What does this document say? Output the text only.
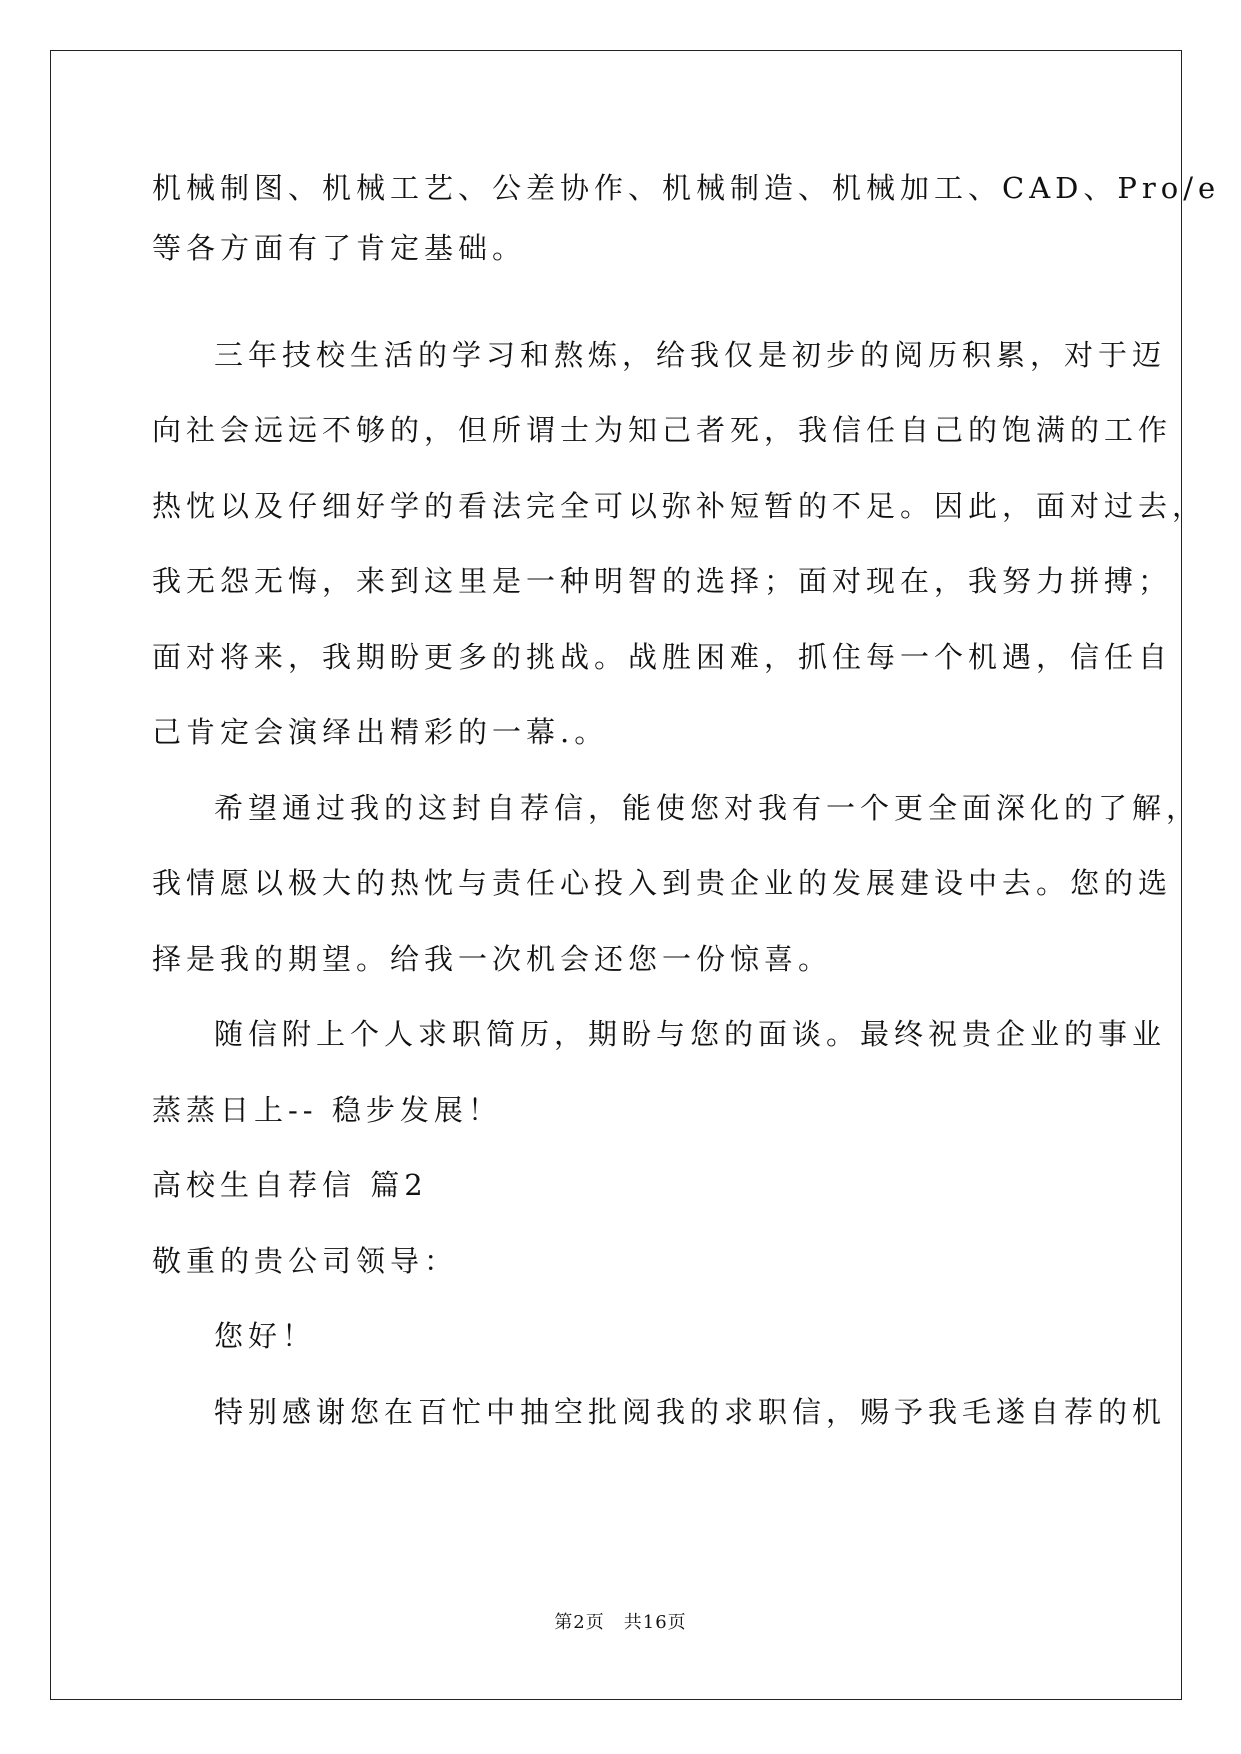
机械制图、机械工艺、公差协作、机械制造、机械加工、CAD、Pro/e
等各方面有了肯定基础。
三年技校生活的学习和熬炼，给我仅是初步的阅历积累，对于迈
向社会远远不够的，但所谓士为知己者死，我信任自己的饱满的工作
热忱以及仔细好学的看法完全可以弥补短暂的不足。因此，面对过去，
我无怨无悔，来到这里是一种明智的选择；面对现在，我努力拼搏；
面对将来，我期盼更多的挑战。战胜困难，抓住每一个机遇，信任自
己肯定会演绎出精彩的一幕.。
希望通过我的这封自荐信，能使您对我有一个更全面深化的了解，
我情愿以极大的热忱与责任心投入到贵企业的发展建设中去。您的选
择是我的期望。给我一次机会还您一份惊喜。
随信附上个人求职简历，期盼与您的面谈。最终祝贵企业的事业
蒸蒸日上-- 稳步发展！
高校生自荐信 篇2
敬重的贵公司领导：
您好！
特别感谢您在百忙中抽空批阅我的求职信，赐予我毛遂自荐的机
第2页　共16页
